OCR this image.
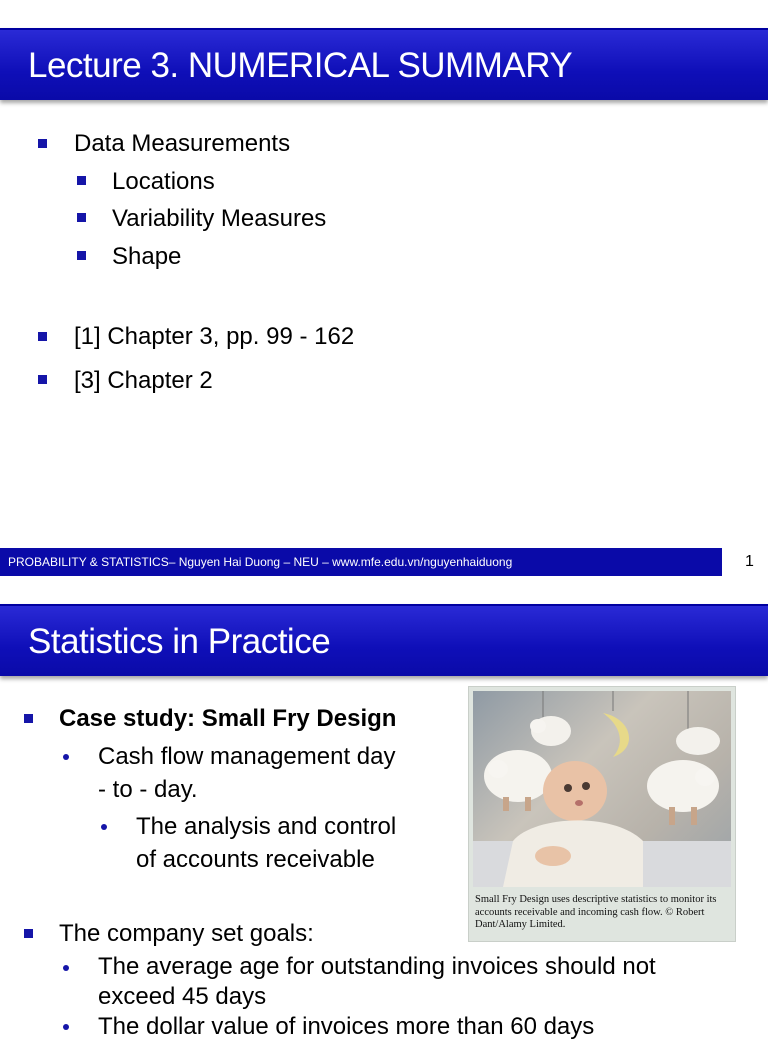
Lecture 3. NUMERICAL SUMMARY
Data Measurements
Locations
Variability Measures
Shape
[1] Chapter 3, pp. 99 - 162
[3] Chapter 2
PROBABILITY & STATISTICS– Nguyen Hai Duong – NEU – www.mfe.edu.vn/nguyenhaiduong	1
Statistics in Practice
Case study: Small Fry Design
Cash flow management day
- to - day.
The analysis and control
of accounts receivable
The company set goals:
The average age for outstanding invoices should not
exceed 45 days
The dollar value of invoices more than 60 days
Small Fry Design uses descriptive statistics to monitor its accounts receivable and incoming cash flow. © Robert Dant/Alamy Limited.
